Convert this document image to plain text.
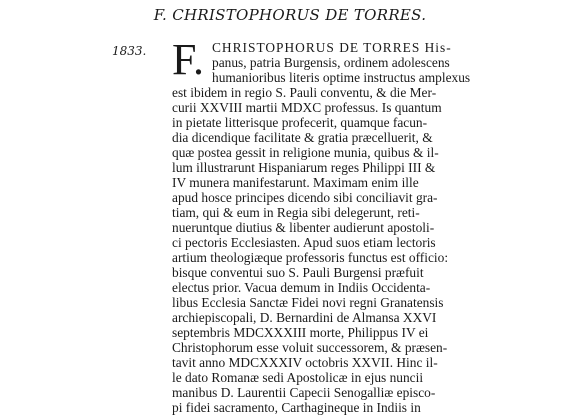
F. CHRISTOPHORUS DE TORRES.
1833. F. CHRISTOPHORUS DE TORRES His-
panus, patria Burgensis, ordinem adolescens
humanioribus literis optime instructus amplexus
est ibidem in regio S. Pauli conventu, & die Mer-
curii XXVIII martii MDXC professus. Is quantum
in pietate litterisque profecerit, quamque facun-
dia dicendique facilitate & gratia præcelluerit, &
quæ postea gessit in religione munia, quibus & il-
lum illustrarunt Hispaniarum reges Philippi III &
IV munera manifestarunt. Maximam enim ille
apud hosce principes dicendo sibi conciliavit gra-
tiam, qui & eum in Regia sibi delegerunt, reti-
nueruntque diutius & libenter audierunt apostoli-
ci pectoris Ecclesiasten. Apud suos etiam lectoris
artium theologiæque professoris functus est officio:
bisque conventui suo S. Pauli Burgensi præfuit
electus prior. Vacua demum in Indiis Occidenta-
libus Ecclesia Sanctæ Fidei novi regni Granatensis
archiepiscopali, D. Bernardini de Almansa XXVI
septembris MDCXXXIII morte, Philippus IV ei
Christophorum esse voluit successorem, & præsen-
tavit anno MDCXXXIV octobris XXVII. Hinc il-
le dato Romanæ sedi Apostolicæ in ejus nuncii
manibus D. Laurentii Capecii Senogalliæ episco-
pi fidei sacramento, Carthagineque in Indiis in
